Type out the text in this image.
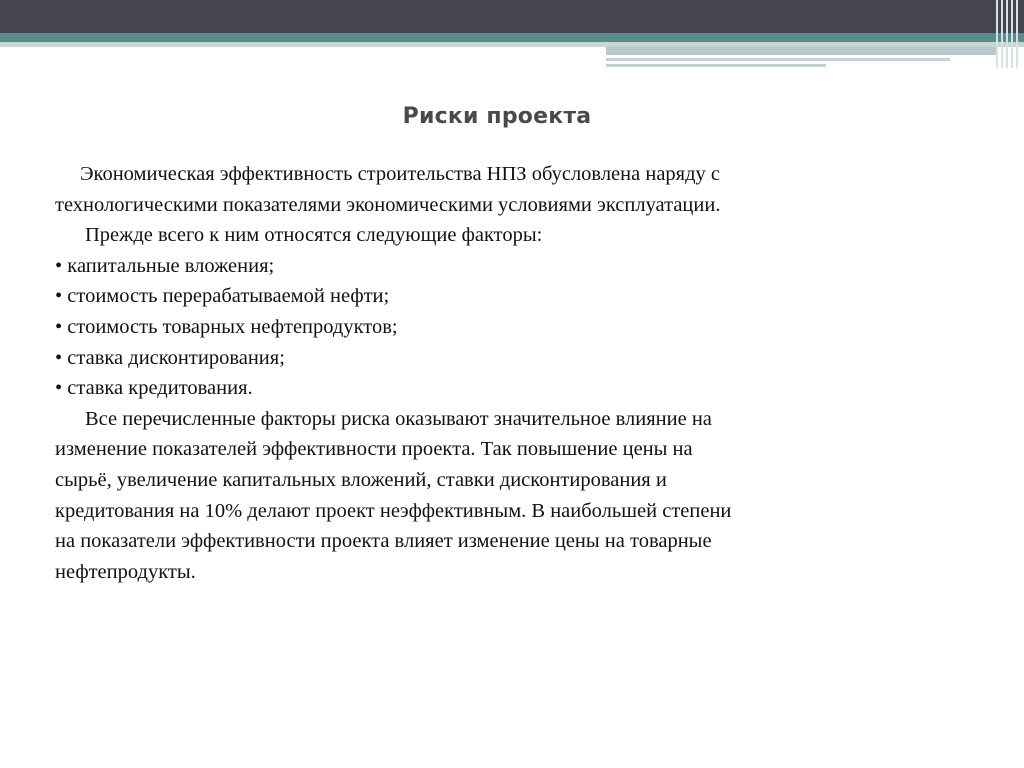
Риски проекта
Экономическая эффективность строительства НПЗ обусловлена наряду с
технологическими показателями экономическими условиями эксплуатации.
Прежде всего к ним относятся следующие факторы:
• капитальные вложения;
• стоимость перерабатываемой нефти;
• стоимость товарных нефтепродуктов;
• ставка дисконтирования;
• ставка кредитования.
Все перечисленные факторы риска оказывают значительное влияние на
изменение показателей эффективности проекта. Так повышение цены на
сырьё, увеличение капитальных вложений, ставки дисконтирования и
кредитования на 10% делают проект неэффективным. В наибольшей степени
на показатели эффективности проекта влияет изменение цены на товарные
нефтепродукты.
